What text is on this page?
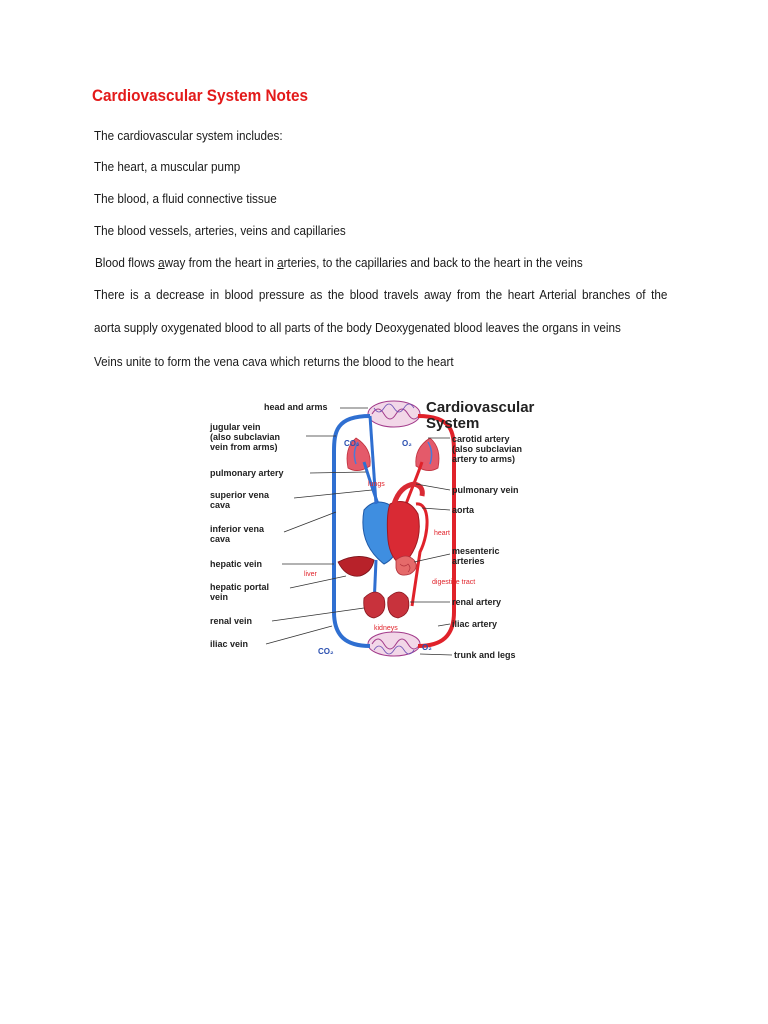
Cardiovascular System Notes
The cardiovascular system includes:
The heart, a muscular pump
The blood, a fluid connective tissue
The blood vessels, arteries, veins and capillaries
Blood flows away from the heart in arteries, to the capillaries and back to the heart in the veins
There is a decrease in blood pressure as the blood travels away from the heart Arterial branches of the
aorta supply oxygenated blood to all parts of the body Deoxygenated blood leaves the organs in veins
Veins unite to form the vena cava which returns the blood to the heart
Cardiovascular
System
lungs
heart
liver
digestive tract
kidneys
CO₂	O₂
CO₂	O₂
head and arms
jugular vein
(also subclavian
vein from arms)
pulmonary artery
superior vena
cava
inferior vena
cava
hepatic vein
hepatic portal
vein
renal vein
iliac vein
carotid artery
(also subclavian
artery to arms)
pulmonary vein
aorta
mesenteric
arteries
renal artery
iliac artery
trunk and legs
